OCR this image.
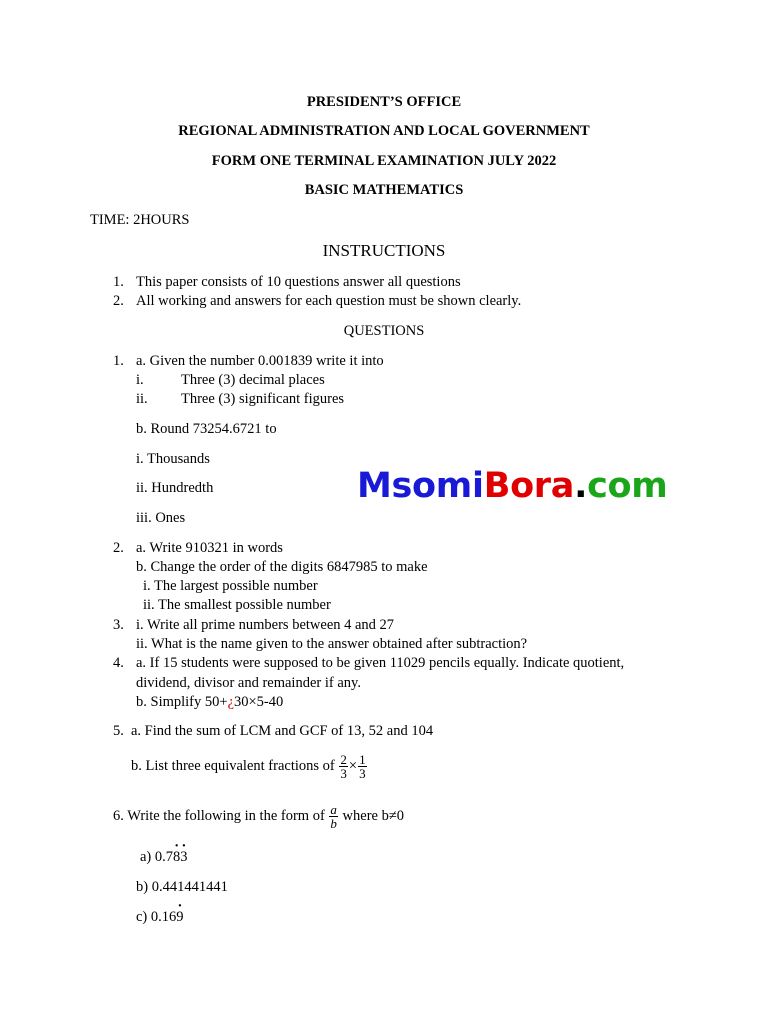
PRESIDENT’S OFFICE
REGIONAL ADMINISTRATION AND LOCAL GOVERNMENT
FORM ONE TERMINAL EXAMINATION JULY 2022
BASIC MATHEMATICS
TIME: 2HOURS
INSTRUCTIONS
1. This paper consists of 10 questions answer all questions
2. All working and answers for each question must be shown clearly.
QUESTIONS
1. a. Given the number 0.001839 write it into
i.	Three (3) decimal places
ii. Three (3) significant figures
b. Round 73254.6721 to
i. Thousands
ii. Hundredth
iii. Ones
MsomiBora.com
2. a. Write 910321 in words
b. Change the order of the digits 6847985 to make
i. The largest possible number
ii. The smallest possible number
3. i. Write all prime numbers between 4 and 27
ii. What is the name given to the answer obtained after subtraction?
4. a. If 15 students were supposed to be given 11029 pencils equally. Indicate quotient,
dividend, divisor and remainder if any.
b. Simplify 50+¿30×5-40
5. a. Find the sum of LCM and GCF of 13, 52 and 104
b. List three equivalent fractions of $\frac{2}{3} \times \frac{1}{3}$
6. Write the following in the form of $\frac{a}{b}$ where b≠0
a) 0.7· 8· 3
b) 0.441441441
c) 0.16· 9
